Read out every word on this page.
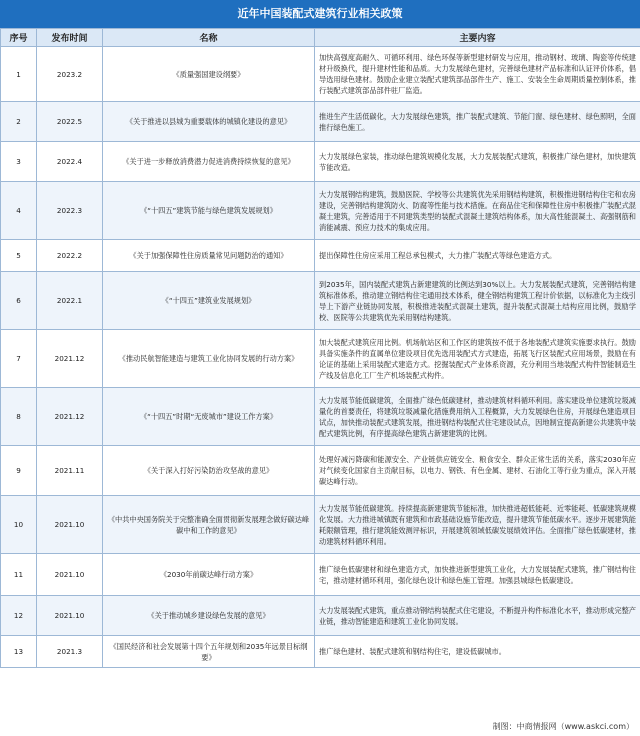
近年中国装配式建筑行业相关政策
序号	发布时间	名称	主要内容
1	2023.2	《质量强国建设纲要》	加快高强度高耐久、可循环利用、绿色环保等新型建材研发与应用，推动钢材、玻璃、陶瓷等传统建材升级换代，提升建材性能和品质。大力发展绿色建材，完善绿色建材产品标准和认证评价体系，倡导选用绿色建材。鼓励企业建立装配式建筑部品部件生产、施工、安装全生命周期质量控制体系，推行装配式建筑部品部件驻厂监造。
2	2022.5	《关于推进以县城为重要载体的城镇化建设的意见》	推进生产生活低碳化，大力发展绿色建筑，推广装配式建筑、节能门窗、绿色建材、绿色照明，全面推行绿色施工。
3	2022.4	《关于进一步释放消费潜力促进消费持续恢复的意见》	大力发展绿色家装，推动绿色建筑规模化发展，大力发展装配式建筑，积极推广绿色建材，加快建筑节能改造。
4	2022.3	《“十四五”建筑节能与绿色建筑发展规划》	大力发展钢结构建筑，鼓励医院、学校等公共建筑优先采用钢结构建筑，积极推进钢结构住宅和农房建设，完善钢结构建筑防火、防腐等性能与技术措施。在商品住宅和保障性住房中积极推广装配式混凝土建筑，完善适用于不同建筑类型的装配式混凝土建筑结构体系，加大高性能混凝土、高强钢筋和消能减震、预应力技术的集成应用。
5	2022.2	《关于加强保障性住房质量常见问题防治的通知》	提出保障性住房应采用工程总承包模式，大力推广装配式等绿色建造方式。
6	2022.1	《“十四五”建筑业发展规划》	到2035年，国内装配式建筑占新建建筑的比例达到30%以上。大力发展装配式建筑，完善钢结构建筑标准体系，推动建立钢结构住宅通用技术体系，健全钢结构建筑工程计价依据，以标准化为主线引导上下游产业链协同发展，积极推进装配式混凝土建筑，提升装配式混凝土结构应用比例，鼓励学校、医院等公共建筑优先采用钢结构建筑。
7	2021.12	《推动民航智能建造与建筑工业化协同发展的行动方案》	加大装配式建筑应用比例。机场航站区和工作区的建筑按不低于各地装配式建筑实施要求执行。鼓励具备实施条件的直属单位建设项目优先选用装配式方式建造，拓展飞行区装配式应用场景，鼓励在有论证的基础上采用装配式建造方式。挖掘装配式产业体系资源，充分利用当地装配式构件智能制造生产线及信息化工厂生产机场装配式构件。
8	2021.12	《“十四五”时期“无废城市”建设工作方案》	大力发展节能低碳建筑，全面推广绿色低碳建材，推动建筑材料循环利用。落实建设单位建筑垃圾减量化的首要责任，将建筑垃圾减量化措施费用纳入工程概算，大力发展绿色住房，开展绿色建造项目试点，加快推动装配式建筑发展，推进钢结构装配式住宅建设试点，因地制宜提高新建公共建筑中装配式建筑比例，有序提高绿色建筑占新建建筑的比例。
9	2021.11	《关于深入打好污染防治攻坚战的意见》	处理好减污降碳和能源安全、产业链供应链安全、粮食安全、群众正常生活的关系，落实2030年应对气候变化国家自主贡献目标，以电力、钢铁、有色金属、建材、石油化工等行业为重点，深入开展碳达峰行动。
10	2021.10	《中共中央国务院关于完整准确全面贯彻新发展理念做好碳达峰碳中和工作的意见》	大力发展节能低碳建筑。持续提高新建建筑节能标准，加快推进超低能耗、近零能耗、低碳建筑规模化发展。大力推进城镇既有建筑和市政基础设施节能改造，提升建筑节能低碳水平。逐步开展建筑能耗限额管理，推行建筑能效测评标识，开展建筑领域低碳发展绩效评估。全面推广绿色低碳建材，推动建筑材料循环利用。
11	2021.10	《2030年前碳达峰行动方案》	推广绿色低碳建材和绿色建造方式，加快推进新型建筑工业化，大力发展装配式建筑，推广钢结构住宅，推动建材循环利用，强化绿色设计和绿色施工管理。加强县城绿色低碳建设。
12	2021.10	《关于推动城乡建设绿色发展的意见》	大力发展装配式建筑，重点推动钢结构装配式住宅建设，不断提升构件标准化水平，推动形成完整产业链，推动智能建造和建筑工业化协同发展。
13	2021.3	《国民经济和社会发展第十四个五年规划和2035年远景目标纲要》	推广绿色建材、装配式建筑和钢结构住宅，建设低碳城市。
制图：中商情报网（www.askci.com）
